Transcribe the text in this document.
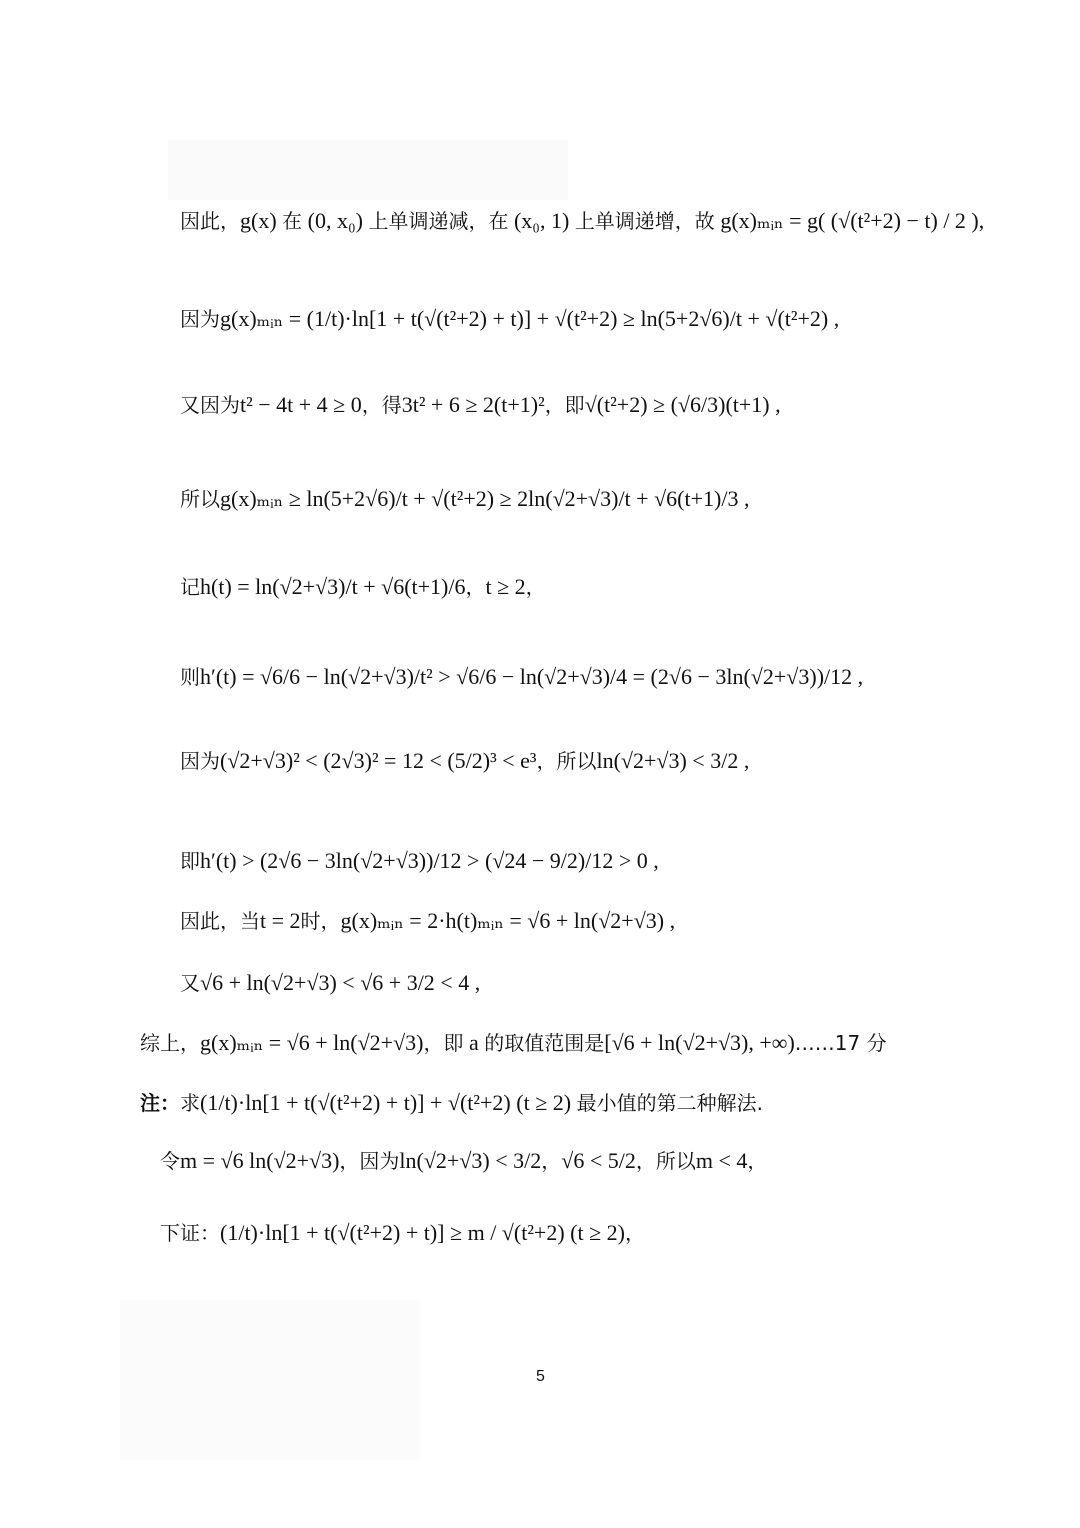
因此，g(x) 在 (0, x₀) 上单调递减，在 (x₀, 1) 上单调递增，故 g(x)ₘᵢₙ = g( (√(t²+2) − t) / 2 ),
因为g(x)ₘᵢₙ = (1/t)·ln[1 + t(√(t²+2) + t)] + √(t²+2) ≥ ln(5+2√6)/t + √(t²+2) ,
又因为t² − 4t + 4 ≥ 0，得3t² + 6 ≥ 2(t+1)²，即√(t²+2) ≥ (√6/3)(t+1) ,
所以g(x)ₘᵢₙ ≥ ln(5+2√6)/t + √(t²+2) ≥ 2ln(√2+√3)/t + √6(t+1)/3 ,
记h(t) = ln(√2+√3)/t + √6(t+1)/6，t ≥ 2，
则h′(t) = √6/6 − ln(√2+√3)/t² > √6/6 − ln(√2+√3)/4 = (2√6 − 3ln(√2+√3))/12 ,
因为(√2+√3)² < (2√3)² = 12 < (5/2)³ < e³，所以ln(√2+√3) < 3/2 ,
即h′(t) > (2√6 − 3ln(√2+√3))/12 > (√24 − 9/2)/12 > 0 ,
因此，当t = 2时，g(x)ₘᵢₙ = 2·h(t)ₘᵢₙ = √6 + ln(√2+√3) ,
又√6 + ln(√2+√3) < √6 + 3/2 < 4 ,
综上，g(x)ₘᵢₙ = √6 + ln(√2+√3)，即 a 的取值范围是[√6 + ln(√2+√3), +∞)……17 分
注：求(1/t)·ln[1 + t(√(t²+2) + t)] + √(t²+2) (t ≥ 2) 最小值的第二种解法.
令m = √6 ln(√2+√3)，因为ln(√2+√3) < 3/2，√6 < 5/2，所以m < 4，
下证：(1/t)·ln[1 + t(√(t²+2) + t)] ≥ m / √(t²+2) (t ≥ 2)，
5
